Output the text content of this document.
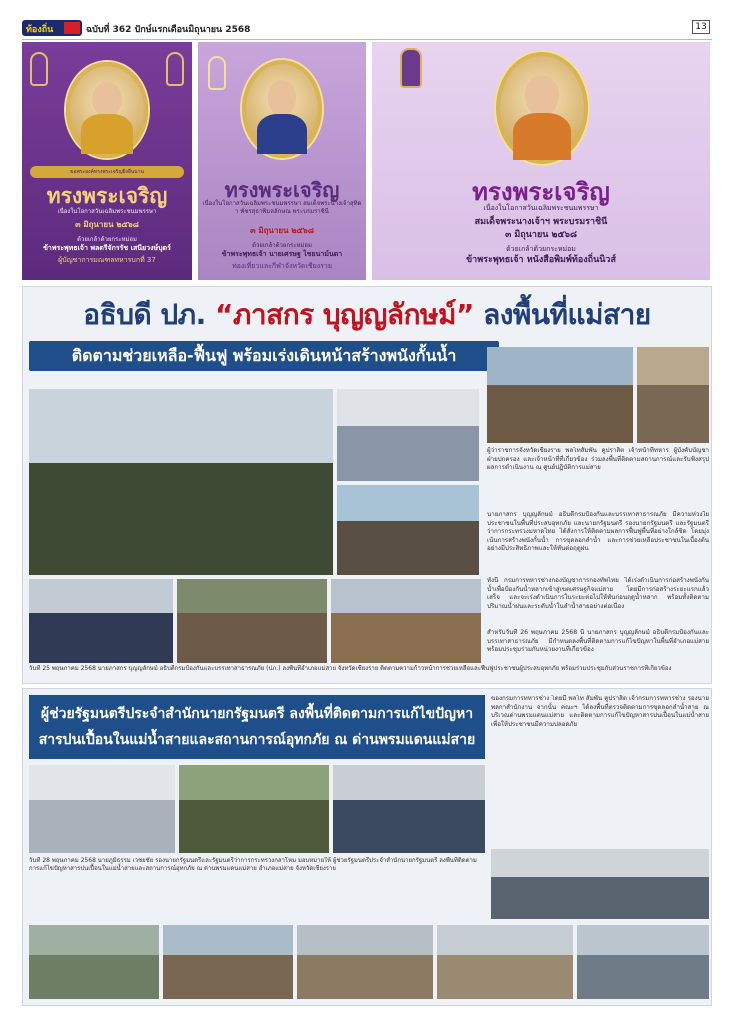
ท้องถิ่น	ฉบับที่ 362 ปักษ์แรกเดือนมิถุนายน 2568	13
ขอพระองค์ทรงพระเจริญยิ่งยืนนาน
ทรงพระเจริญ
เนื่องในโอกาสวันเฉลิมพระชนมพรรษา
๓ มิถุนายน ๒๕๖๘
ด้วยเกล้าด้วยกระหม่อม
ข้าพระพุทธเจ้า พลตรีจักรรัช เสนียวงษ์บุตร์
ผู้บัญชาการมณฑลทหารบกที่ 37
ทรงพระเจริญ
เนื่องในโอกาสวันเฉลิมพระชนมพรรษา สมเด็จพระนางเจ้าสุทิดา พัชรสุธาพิมลลักษณ พระบรมราชินี
๓ มิถุนายน ๒๕๖๘
ด้วยเกล้าด้วยกระหม่อม
ข้าพระพุทธเจ้า นายเศรษฐ ไชยนาม์นดา
ท่องเที่ยวและกีฬาจังหวัดเชียงราย
ทรงพระเจริญ
เนื่องในโอกาสวันเฉลิมพระชนมพรรษา
สมเด็จพระนางเจ้าฯ พระบรมราชินี
๓ มิถุนายน ๒๕๖๘
ด้วยเกล้าด้วยกระหม่อม
ข้าพระพุทธเจ้า หนังสือพิมพ์ท้องถิ่นนิวส์
อธิบดี ปภ. “ภาสกร บุญญลักษม์” ลงพื้นที่แม่สาย
ติดตามช่วยเหลือ-ฟื้นฟู พร้อมเร่งเดินหน้าสร้างพนังกั้นน้ำ
ผู้ว่าราชการจังหวัดเชียงราย พลโทสัมพัน คูปราสิต เจ้าหน้าที่ทหาร ผู้บังคับบัญชา ฝ่ายปกครอง และเจ้าหน้าที่ที่เกี่ยวข้อง ร่วมลงพื้นที่ติดตามสถานการณ์และรับฟังสรุปผลการดำเนินงาน ณ ศูนย์ปฏิบัติการแม่สาย
นายภาสกร บุญญลักษม์ อธิบดีกรมป้องกันและบรรเทาสาธารณภัย มีความห่วงใยประชาชนในพื้นที่ประสบอุทกภัย และนายกรัฐมนตรี รองนายกรัฐมนตรี และรัฐมนตรีว่าการกระทรวงมหาดไทย ได้สั่งการให้ติดตามผลการฟื้นฟูพื้นที่อย่างใกล้ชิด โดยมุ่งเน้นการสร้างพนังกั้นน้ำ การขุดลอกลำน้ำ และการช่วยเหลือประชาชนในเบื้องต้น อย่างมีประสิทธิภาพและให้ทันต่อฤดูฝน
ทั้งนี้ กรมการทหารช่างกองบัญชาการกองทัพไทย ได้เร่งดำเนินการก่อสร้างพนังกั้นน้ำเพื่อป้องกันน้ำหลากเข้าสู่เขตเศรษฐกิจแม่สาย โดยมีการก่อสร้างระยะแรกแล้วเสร็จ และจะเร่งดำเนินการในระยะต่อไปให้ทันก่อนฤดูน้ำหลาก พร้อมทั้งติดตามปริมาณน้ำฝนและระดับน้ำในลำน้ำสายอย่างต่อเนื่อง
สำหรับวันที่ 26 พฤษภาคม 2568 นี้ นายภาสกร บุญญลักษม์ อธิบดีกรมป้องกันและบรรเทาสาธารณภัย มีกำหนดลงพื้นที่ติดตามการแก้ไขปัญหาในพื้นที่อำเภอแม่สาย พร้อมประชุมร่วมกับหน่วยงานที่เกี่ยวข้อง
วันที่ 25 พฤษภาคม 2568 นายภาสกร บุญญลักษม์ อธิบดีกรมป้องกันและบรรเทาสาธารณภัย (ปภ.) ลงพื้นที่อำเภอแม่สาย จังหวัดเชียงราย ติดตามความก้าวหน้าการช่วยเหลือและฟื้นฟูประชาชนผู้ประสบอุทกภัย พร้อมร่วมประชุมกับส่วนราชการที่เกี่ยวข้อง
ผู้ช่วยรัฐมนตรีประจำสำนักนายกรัฐมนตรี ลงพื้นที่ติดตามการแก้ไขปัญหา
สารปนเปื้อนในแม่น้ำสายและสถานการณ์อุทกภัย ณ ด่านพรมแดนแม่สาย
ของกรมการทหารช่าง โดยมี พลโท สัมพัน คูปราสิต เจ้ากรมการทหารช่าง รองนายพลกาสำนักงาน จากนั้น คณะฯ ได้ลงพื้นที่ตรวจติดตามการขุดลอกลำน้ำสาย ณ บริเวณด่านพรมแดนแม่สาย และติดตามการแก้ไขปัญหาสารปนเปื้อนในแม่น้ำสาย เพื่อให้ประชาชนมีความปลอดภัย
วันที่ 28 พฤษภาคม 2568 นายภูมิธรรม เวชยชัย รองนายกรัฐมนตรีและรัฐมนตรีว่าการกระทรวงกลาโหม มอบหมายให้ ผู้ช่วยรัฐมนตรีประจำสำนักนายกรัฐมนตรี ลงพื้นที่ติดตามการแก้ไขปัญหาสารปนเปื้อนในแม่น้ำสายและสถานการณ์อุทกภัย ณ ด่านพรมแดนแม่สาย อำเภอแม่สาย จังหวัดเชียงราย
